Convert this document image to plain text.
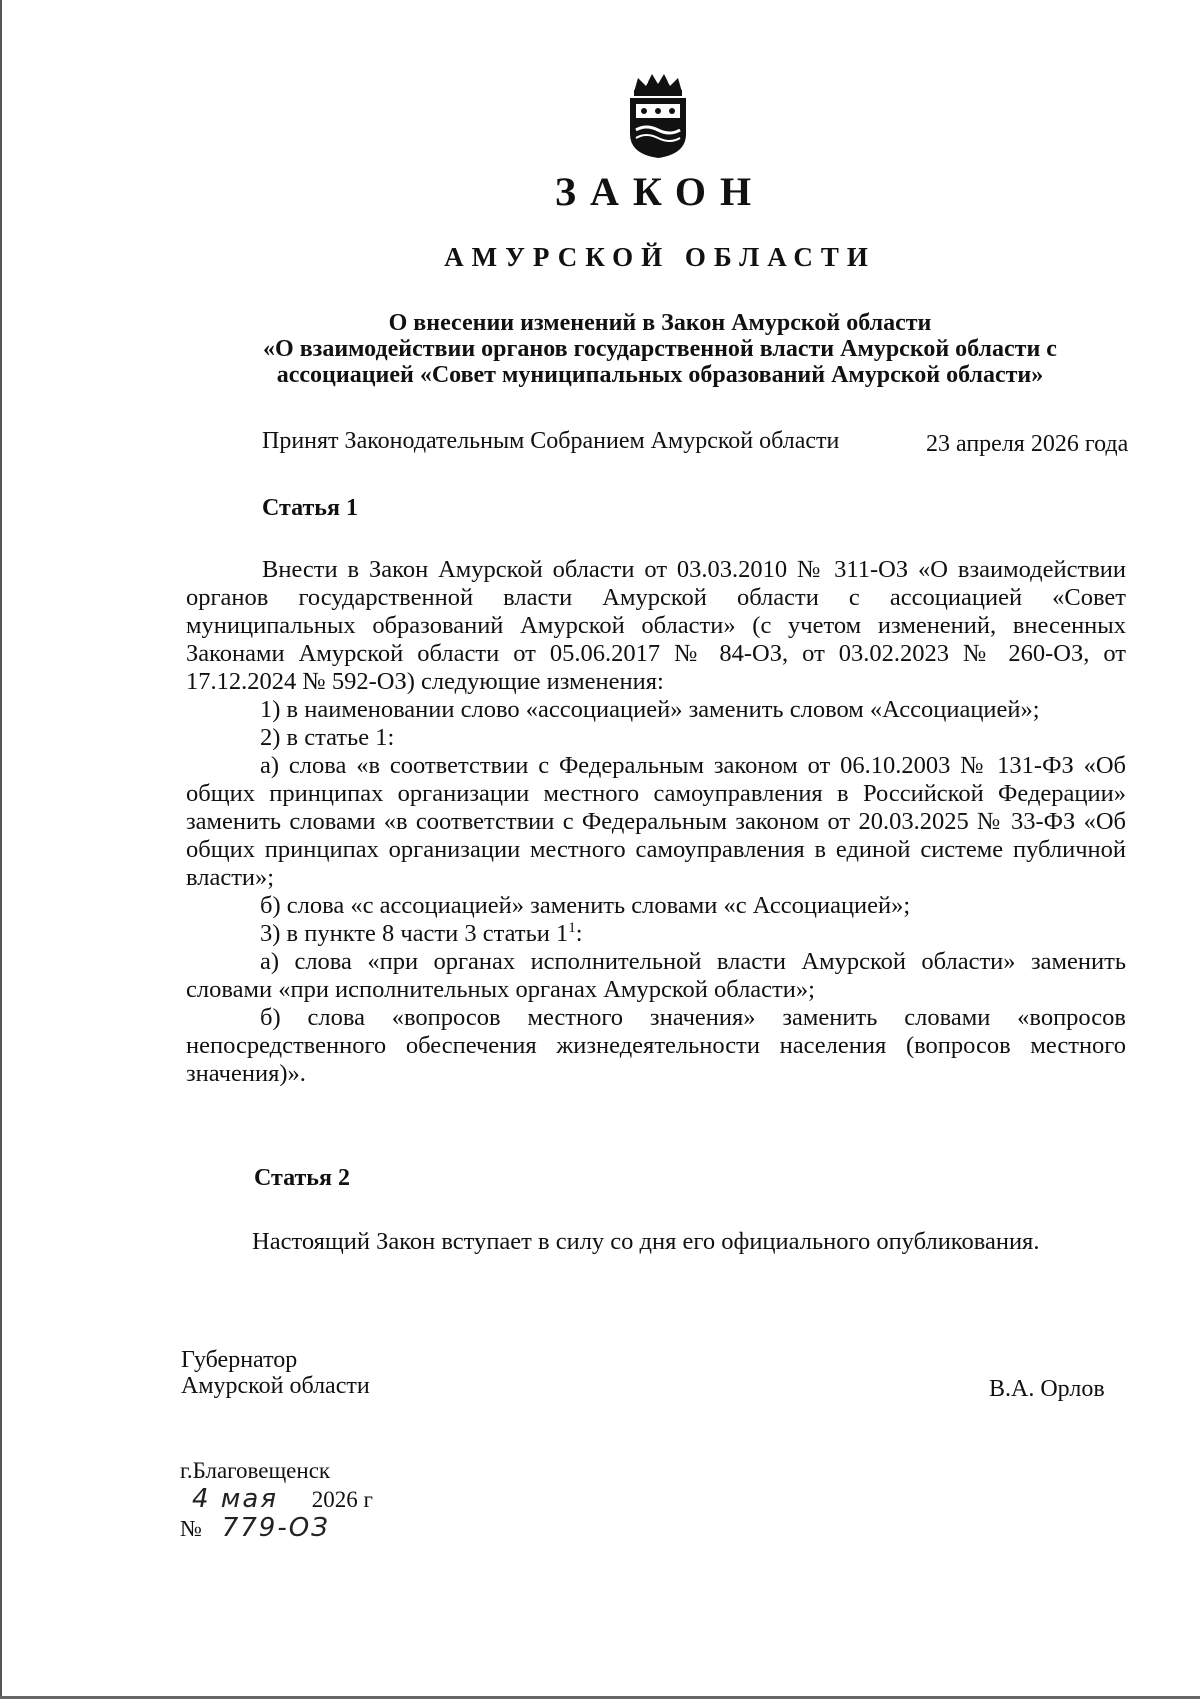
ЗАКОН
АМУРСКОЙ ОБЛАСТИ
О внесении изменений в Закон Амурской области
«О взаимодействии органов государственной власти Амурской области с
ассоциацией «Совет муниципальных образований Амурской области»
Принят Законодательным Собранием Амурской области	23 апреля 2026 года
Статья 1

Внести в Закон Амурской области от 03.03.2010 № 311-ОЗ «О взаимодействии органов государственной власти Амурской области с ассоциацией «Совет муниципальных образований Амурской области» (с учетом изменений, внесенных Законами Амурской области от 05.06.2017 № 84-ОЗ, от 03.02.2023 № 260-ОЗ, от 17.12.2024 № 592-ОЗ) следующие изменения:

1) в наименовании слово «ассоциацией» заменить словом «Ассоциацией»;

2) в статье 1:

а) слова «в соответствии с Федеральным законом от 06.10.2003 № 131-ФЗ «Об общих принципах организации местного самоуправления в Российской Федерации» заменить словами «в соответствии с Федеральным законом от 20.03.2025 № 33-ФЗ «Об общих принципах организации местного самоуправления в единой системе публичной власти»;

б) слова «с ассоциацией» заменить словами «с Ассоциацией»;

3) в пункте 8 части 3 статьи $1^1$:

а) слова «при органах исполнительной власти Амурской области» заменить словами «при исполнительных органах Амурской области»;

б) слова «вопросов местного значения» заменить словами «вопросов непосредственного обеспечения жизнедеятельности населения (вопросов местного значения)».

Статья 2
Настоящий Закон вступает в силу со дня его официального опубликования.
Губернатор
Амурской области	В.А. Орлов
г.Благовещенск
4 мая 2026 г
№ 779-ОЗ
